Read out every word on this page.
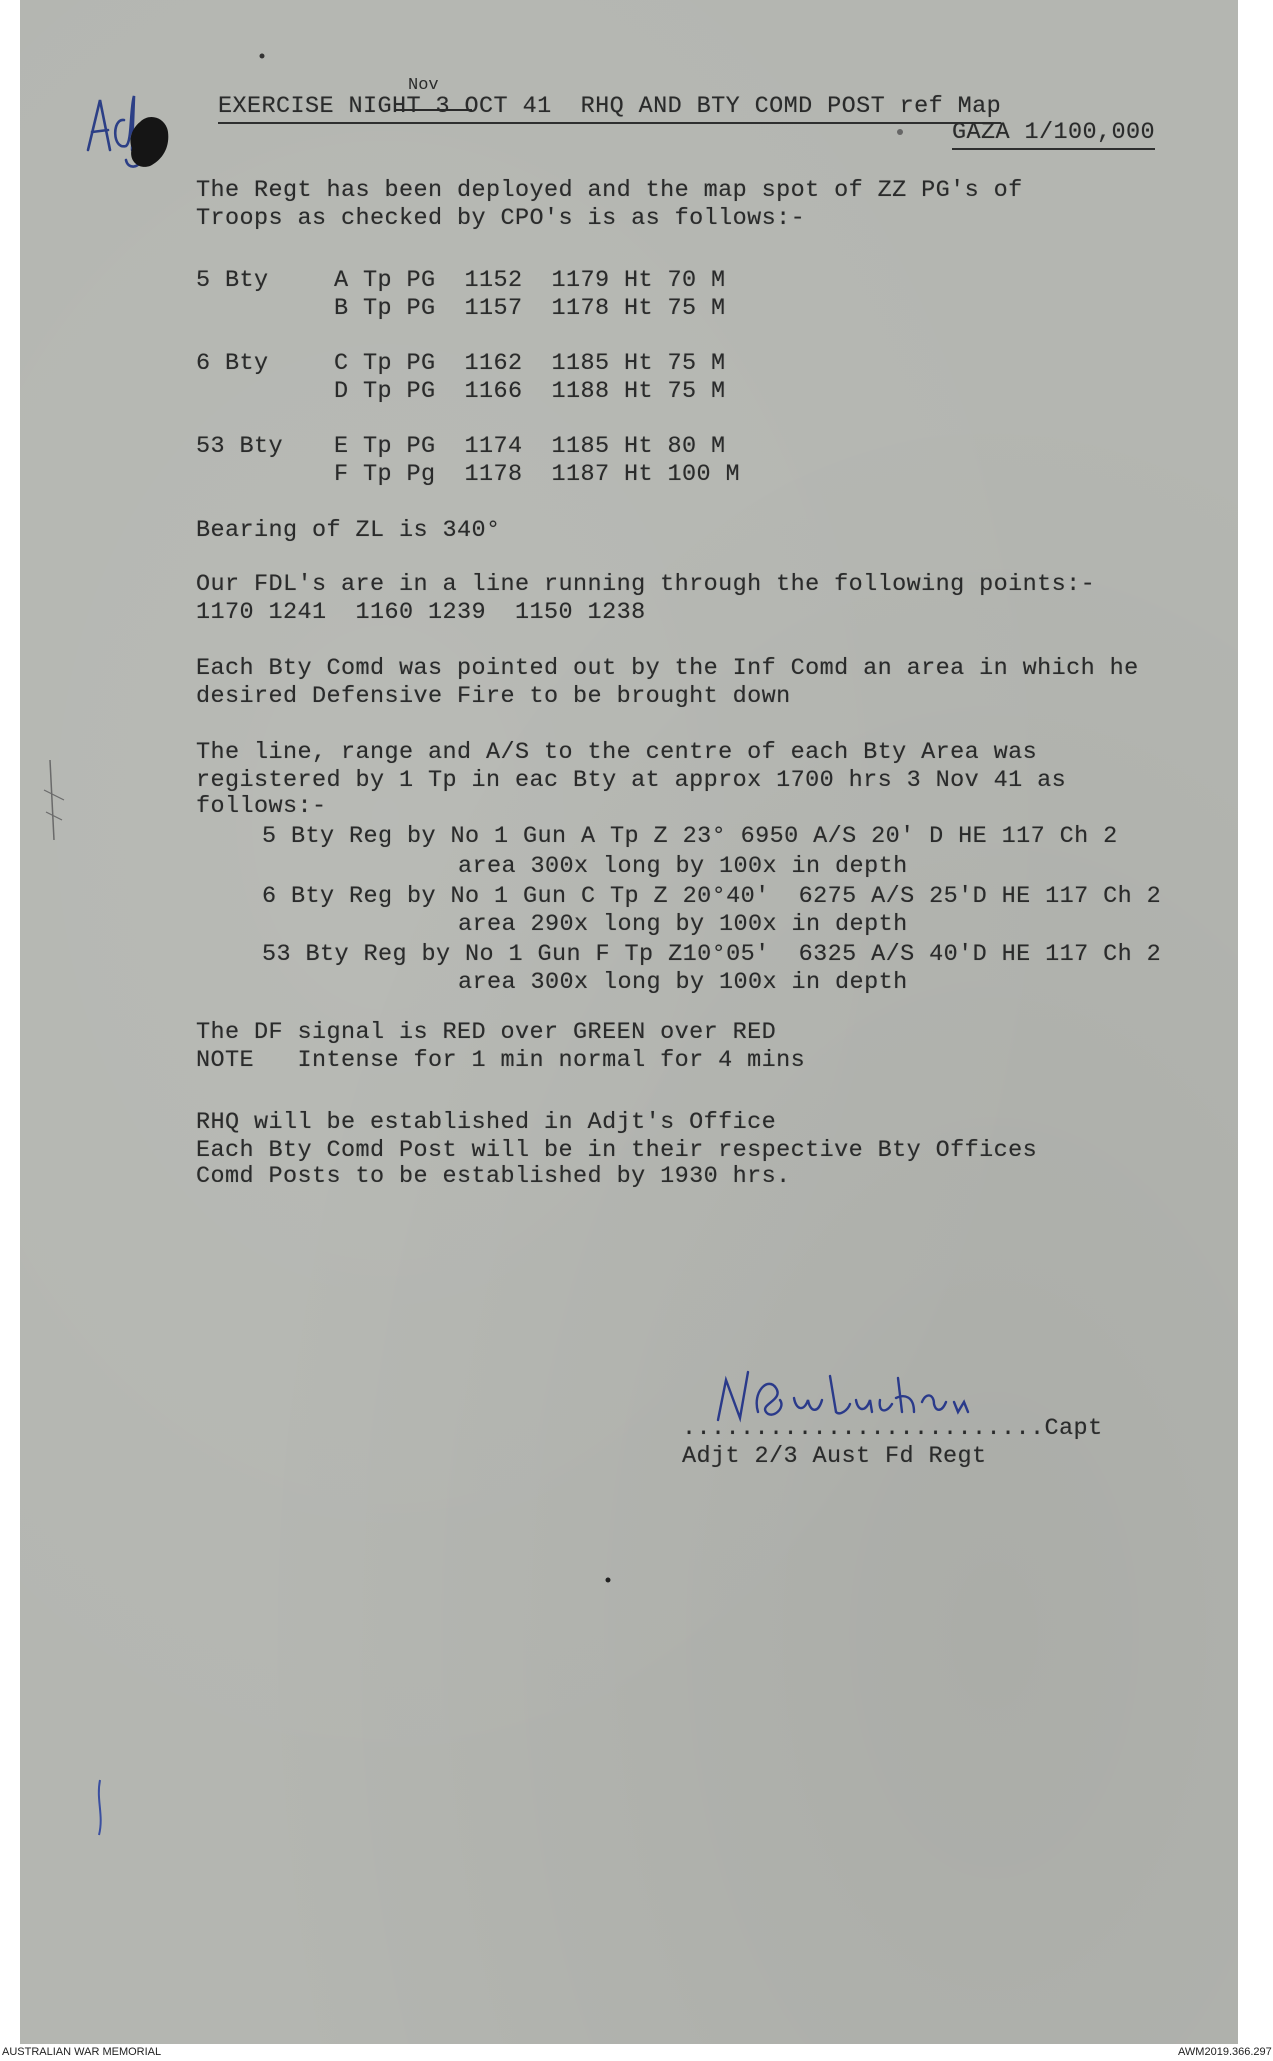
EXERCISE NIGHT 3 OCT 41  RHQ AND BTY COMD POST ref Map
Nov
GAZA 1/100,000
The Regt has been deployed and the map spot of ZZ PG's of
Troops as checked by CPO's is as follows:-
5 Bty	A Tp PG  1152  1179 Ht 70 M
B Tp PG  1157  1178 Ht 75 M
6 Bty	C Tp PG  1162  1185 Ht 75 M
D Tp PG  1166  1188 Ht 75 M
53 Bty E Tp PG  1174  1185 Ht 80 M
F Tp Pg  1178  1187 Ht 100 M
Bearing of ZL is 340°
Our FDL's are in a line running through the following points:-
1170 1241  1160 1239  1150 1238
Each Bty Comd was pointed out by the Inf Comd an area in which he
desired Defensive Fire to be brought down
The line, range and A/S to the centre of each Bty Area was
registered by 1 Tp in eac Bty at approx 1700 hrs 3 Nov 41 as
follows:-
5 Bty Reg by No 1 Gun A Tp Z 23° 6950 A/S 20' D HE 117 Ch 2
area 300x long by 100x in depth
6 Bty Reg by No 1 Gun C Tp Z 20°40'  6275 A/S 25'D HE 117 Ch 2
area 290x long by 100x in depth
53 Bty Reg by No 1 Gun F Tp Z10°05'  6325 A/S 40'D HE 117 Ch 2
area 300x long by 100x in depth
The DF signal is RED over GREEN over RED
NOTE   Intense for 1 min normal for 4 mins
RHQ will be established in Adjt's Office
Each Bty Comd Post will be in their respective Bty Offices
Comd Posts to be established by 1930 hrs.
.........................Capt
Adjt 2/3 Aust Fd Regt
AUSTRALIAN WAR MEMORIAL	AWM2019.366.297
